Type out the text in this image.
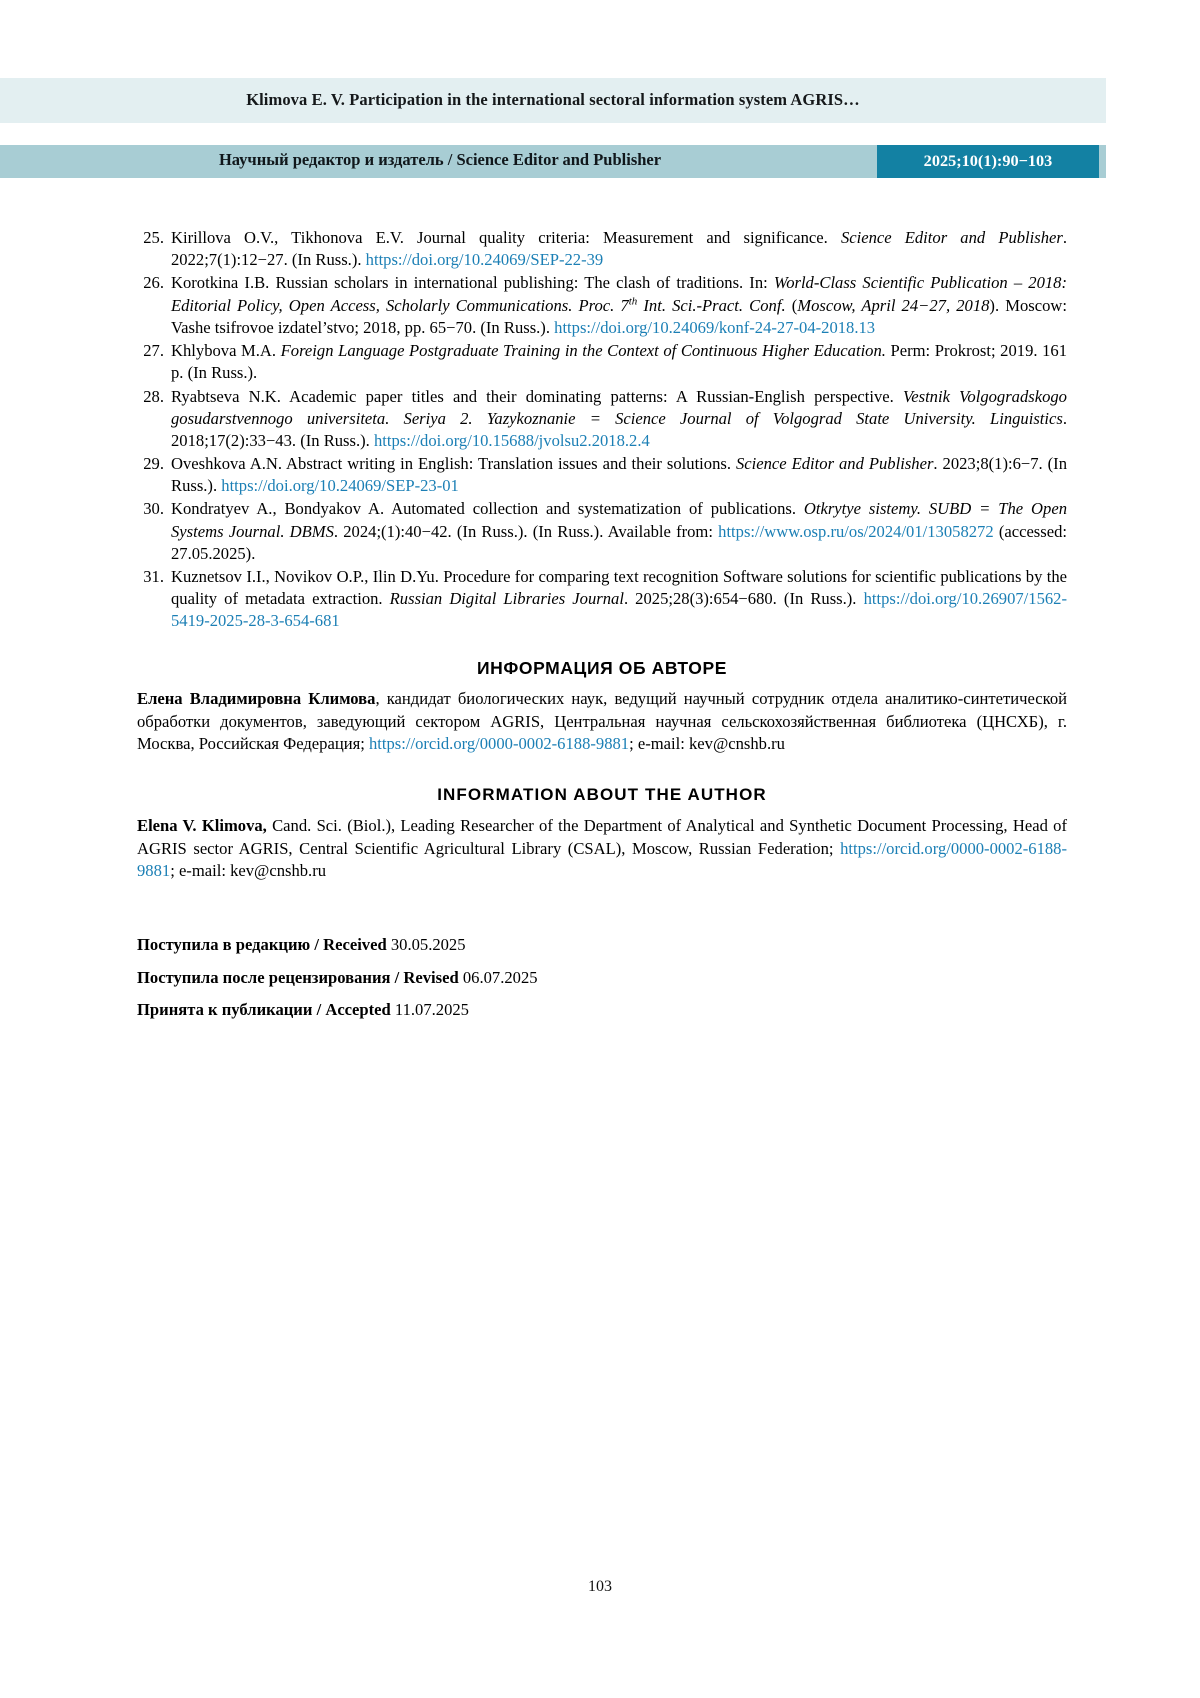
Klimova E. V. Participation in the international sectoral information system AGRIS…
Научный редактор и издатель / Science Editor and Publisher	2025;10(1):90−103
25. Kirillova O.V., Tikhonova E.V. Journal quality criteria: Measurement and significance. Science Editor and Publisher. 2022;7(1):12−27. (In Russ.). https://doi.org/10.24069/SEP-22-39
26. Korotkina I.B. Russian scholars in international publishing: The clash of traditions. In: World-Class Scientific Publication – 2018: Editorial Policy, Open Access, Scholarly Communications. Proc. 7th Int. Sci.-Pract. Conf. (Moscow, April 24−27, 2018). Moscow: Vashe tsifrovoe izdatel’stvo; 2018, pp. 65−70. (In Russ.). https://doi.org/10.24069/konf-24-27-04-2018.13
27. Khlybova M.A. Foreign Language Postgraduate Training in the Context of Continuous Higher Education. Perm: Prokrost; 2019. 161 p. (In Russ.).
28. Ryabtseva N.K. Academic paper titles and their dominating patterns: A Russian-English perspective. Vestnik Volgogradskogo gosudarstvennogo universiteta. Seriya 2. Yazykoznanie = Science Journal of Volgograd State University. Linguistics. 2018;17(2):33−43. (In Russ.). https://doi.org/10.15688/jvolsu2.2018.2.4
29. Oveshkova A.N. Abstract writing in English: Translation issues and their solutions. Science Editor and Publisher. 2023;8(1):6−7. (In Russ.). https://doi.org/10.24069/SEP-23-01
30. Kondratyev A., Bondyakov A. Automated collection and systematization of publications. Otkrytye sistemy. SUBD = The Open Systems Journal. DBMS. 2024;(1):40−42. (In Russ.). (In Russ.). Available from: https://www.osp.ru/os/2024/01/13058272 (accessed: 27.05.2025).
31. Kuznetsov I.I., Novikov O.P., Ilin D.Yu. Procedure for comparing text recognition Software solutions for scientific publications by the quality of metadata extraction. Russian Digital Libraries Journal. 2025;28(3):654−680. (In Russ.). https://doi.org/10.26907/1562-5419-2025-28-3-654-681
ИНФОРМАЦИЯ ОБ АВТОРЕ

Елена Владимировна Климова, кандидат биологических наук, ведущий научный сотрудник отдела аналитико-синтетической обработки документов, заведующий сектором AGRIS, Центральная научная сельскохозяйственная библиотека (ЦНСХБ), г. Москва, Российская Федерация; https://orcid.org/0000-0002-6188-9881; e-mail: kev@cnshb.ru

INFORMATION ABOUT THE AUTHOR

Elena V. Klimova, Cand. Sci. (Biol.), Leading Researcher of the Department of Analytical and Synthetic Document Processing, Head of AGRIS sector AGRIS, Central Scientific Agricultural Library (CSAL), Moscow, Russian Federation; https://orcid.org/0000-0002-6188-9881; e-mail: kev@cnshb.ru

Поступила в редакцию / Received 30.05.2025
Поступила после рецензирования / Revised 06.07.2025
Принята к публикации / Accepted 11.07.2025
103
